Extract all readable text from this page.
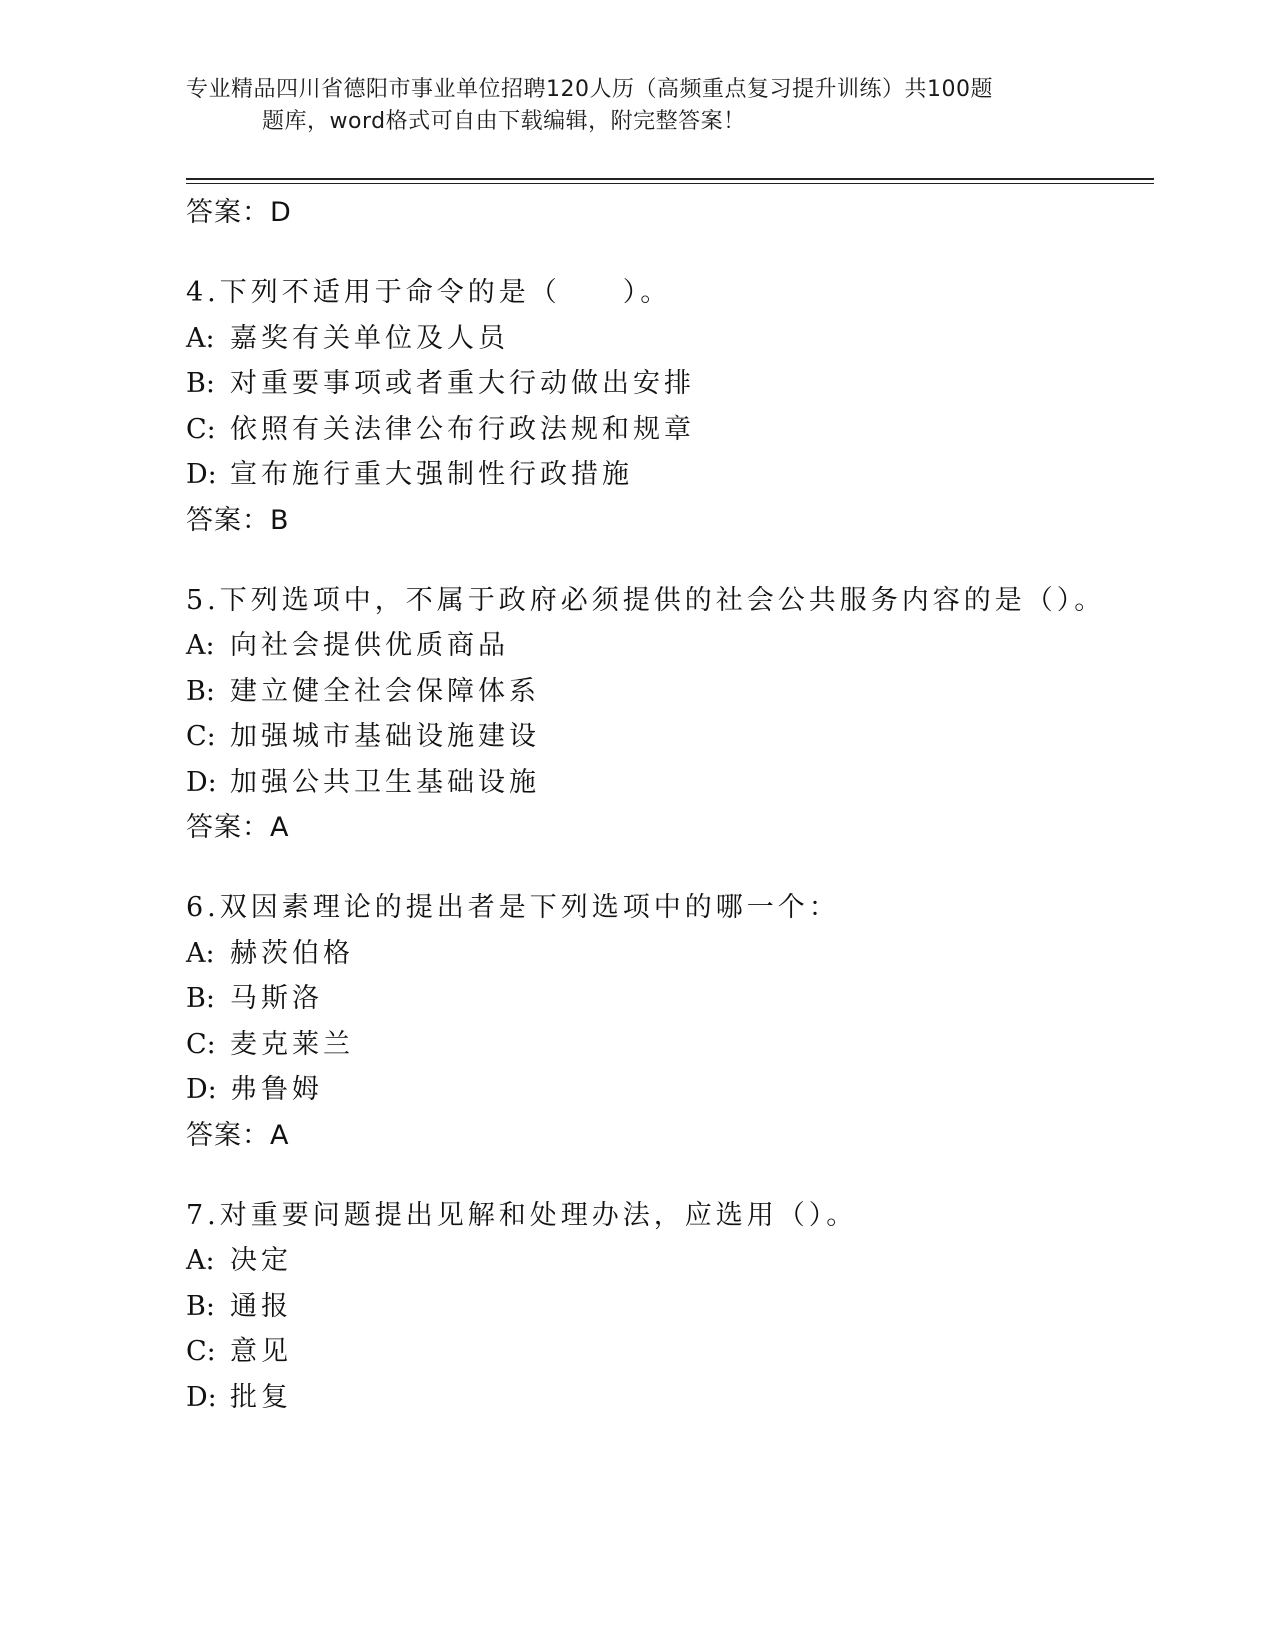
专业精品四川省德阳市事业单位招聘120人历（高频重点复习提升训练）共100题
题库，word格式可自由下载编辑，附完整答案！
答案：D
4.下列不适用于命令的是（　　）。
A: 嘉奖有关单位及人员
B: 对重要事项或者重大行动做出安排
C: 依照有关法律公布行政法规和规章
D: 宣布施行重大强制性行政措施
答案：B
5.下列选项中，不属于政府必须提供的社会公共服务内容的是（）。
A: 向社会提供优质商品
B: 建立健全社会保障体系
C: 加强城市基础设施建设
D: 加强公共卫生基础设施
答案：A
6.双因素理论的提出者是下列选项中的哪一个：
A: 赫茨伯格
B: 马斯洛
C: 麦克莱兰
D: 弗鲁姆
答案：A
7.对重要问题提出见解和处理办法，应选用（）。
A: 决定
B: 通报
C: 意见
D: 批复
